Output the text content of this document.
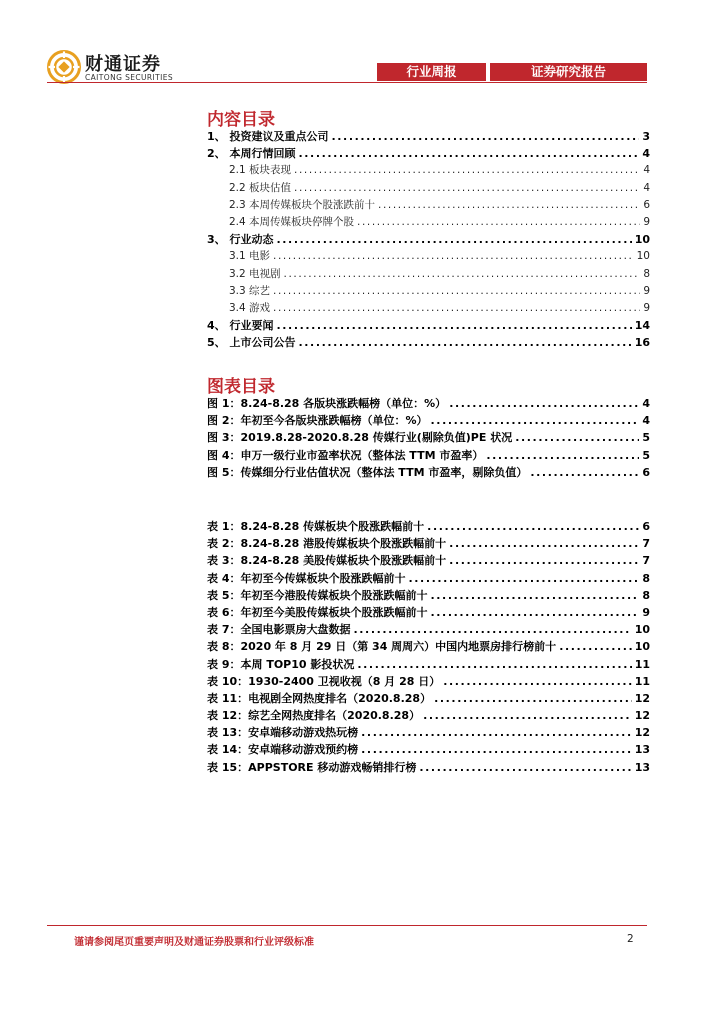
财通证券
CAITONG SECURITIES	行业周报	证券研究报告
内容目录
1、 投资建议及重点公司 .....	3
2、 本周行情回顾 .....	4
2.1 板块表现 .....	4
2.2 板块估值 .....	4
2.3 本周传媒板块个股涨跌前十 .....	6
2.4 本周传媒板块停牌个股 .....	9
3、 行业动态 .....	10
3.1 电影 .....	10
3.2 电视剧 .....	8
3.3 综艺 .....	9
3.4 游戏 .....	9
4、 行业要闻 .....	14
5、 上市公司公告 .....	16
图表目录
图 1：8.24-8.28 各版块涨跌幅榜（单位：%） .....	4
图 2：年初至今各版块涨跌幅榜（单位：%） .....	4
图 3：2019.8.28-2020.8.28 传媒行业(剔除负值)PE 状况 .....	5
图 4：申万一级行业市盈率状况（整体法 TTM 市盈率） .....	5
图 5：传媒细分行业估值状况（整体法 TTM 市盈率，剔除负值） .....	6
表 1：8.24-8.28 传媒板块个股涨跌幅前十 .....	6
表 2：8.24-8.28 港股传媒板块个股涨跌幅前十 .....	7
表 3：8.24-8.28 美股传媒板块个股涨跌幅前十 .....	7
表 4：年初至今传媒板块个股涨跌幅前十 .....	8
表 5：年初至今港股传媒板块个股涨跌幅前十 .....	8
表 6：年初至今美股传媒板块个股涨跌幅前十 .....	9
表 7：全国电影票房大盘数据 .....	10
表 8：2020 年 8 月 29 日（第 34 周周六）中国内地票房排行榜前十 .....	10
表 9：本周 TOP10 影投状况 .....	11
表 10：1930-2400 卫视收视（8 月 28 日） .....	11
表 11：电视剧全网热度排名（2020.8.28） .....	12
表 12：综艺全网热度排名（2020.8.28） .....	12
表 13：安卓端移动游戏热玩榜 .....	12
表 14：安卓端移动游戏预约榜 .....	13
表 15：APPSTORE 移动游戏畅销排行榜 .....	13
谨请参阅尾页重要声明及财通证券股票和行业评级标准	2
